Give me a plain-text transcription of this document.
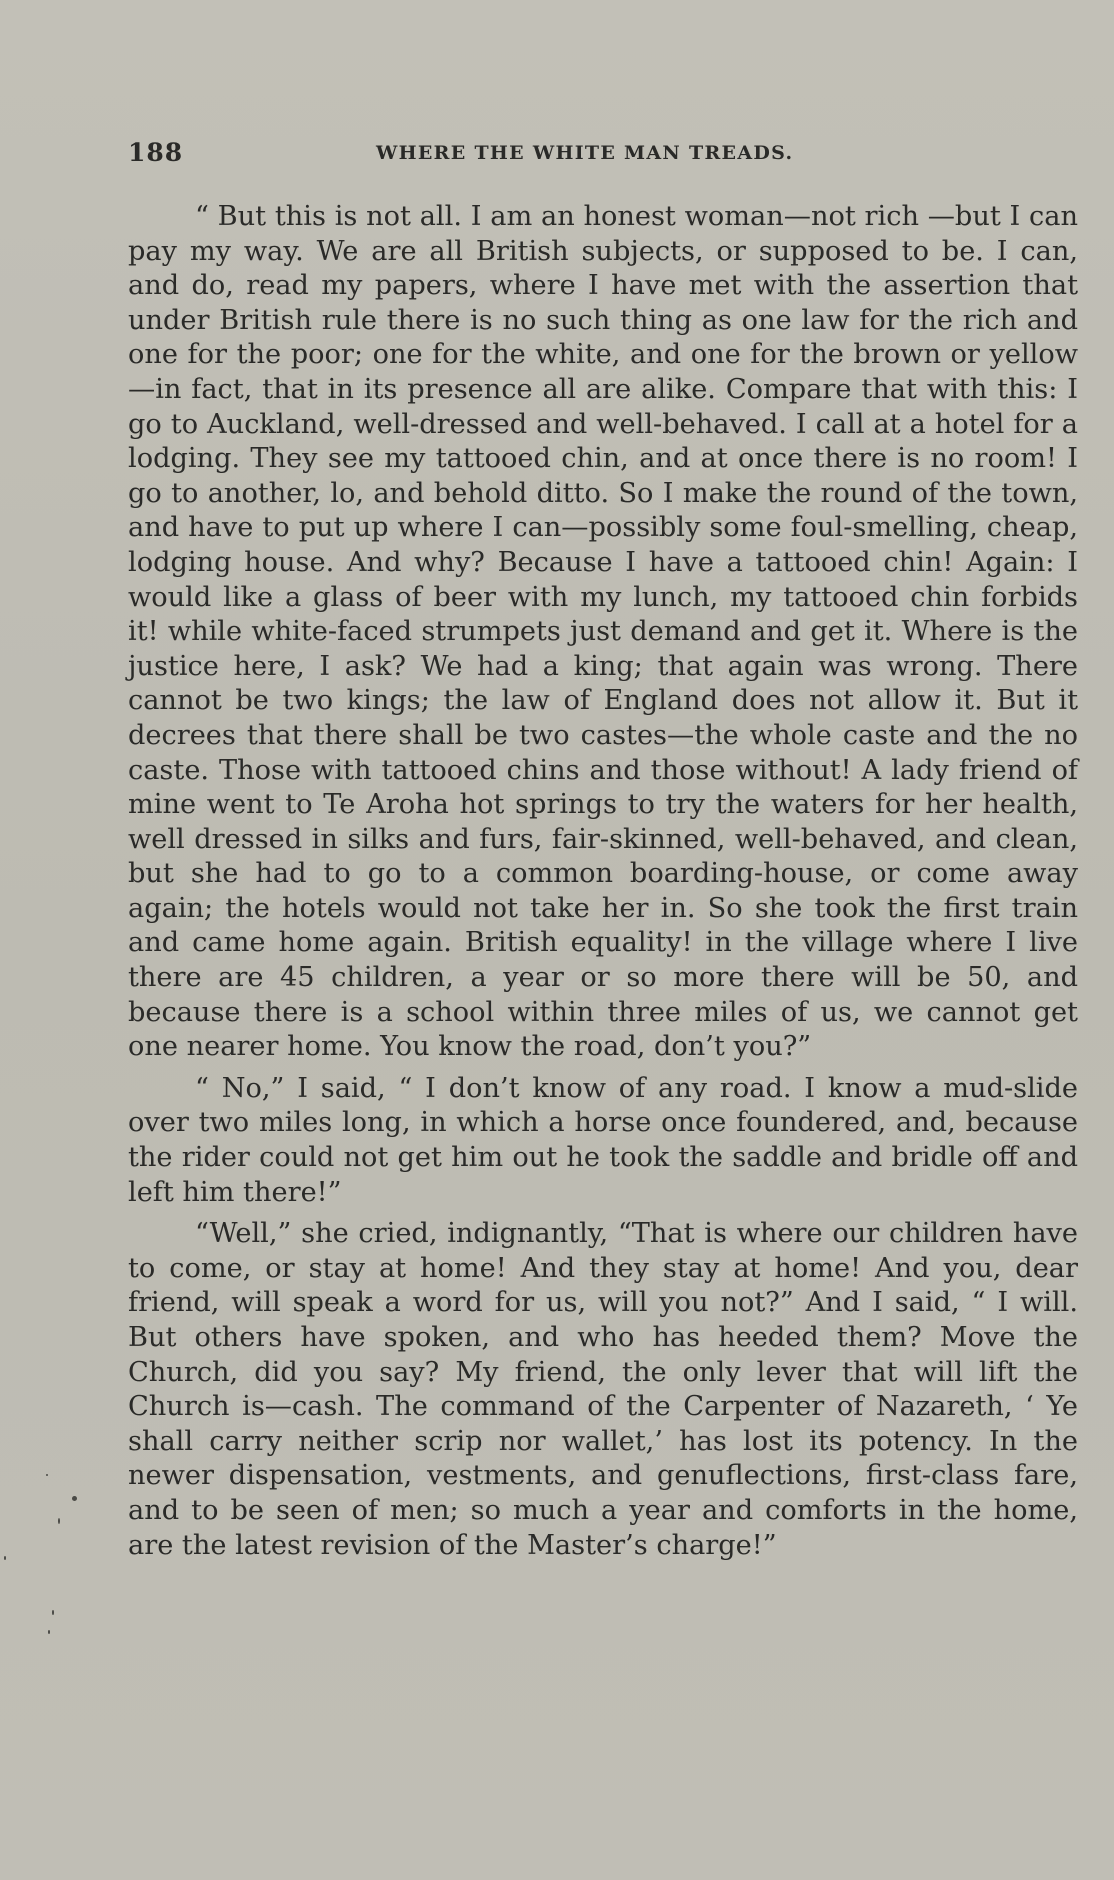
188	WHERE THE WHITE MAN TREADS.

“ But this is not all. I am an honest woman—not rich —but I can pay my way. We are all British subjects, or supposed to be. I can, and do, read my papers, where I have met with the assertion that under British rule there is no such thing as one law for the rich and one for the poor; one for the white, and one for the brown or yellow—in fact, that in its presence all are alike. Compare that with this: I go to Auckland, well-dressed and well-behaved. I call at a hotel for a lodging. They see my tattooed chin, and at once there is no room! I go to another, lo, and behold ditto. So I make the round of the town, and have to put up where I can—possibly some foul-smelling, cheap, lodging house. And why? Because I have a tattooed chin! Again: I would like a glass of beer with my lunch, my tattooed chin forbids it! while white-faced strumpets just demand and get it. Where is the justice here, I ask? We had a king; that again was wrong. There cannot be two kings; the law of England does not allow it. But it decrees that there shall be two castes—the whole caste and the no caste. Those with tattooed chins and those without! A lady friend of mine went to Te Aroha hot springs to try the waters for her health, well dressed in silks and furs, fair-skinned, well-behaved, and clean, but she had to go to a common boarding-house, or come away again; the hotels would not take her in. So she took the first train and came home again. British equality! in the village where I live there are 45 children, a year or so more there will be 50, and because there is a school within three miles of us, we cannot get one nearer home. You know the road, don’t you?”

“ No,” I said, “ I don’t know of any road. I know a mud-slide over two miles long, in which a horse once foundered, and, because the rider could not get him out he took the saddle and bridle off and left him there!”

“Well,” she cried, indignantly, “That is where our children have to come, or stay at home! And they stay at home! And you, dear friend, will speak a word for us, will you not?” And I said, “ I will. But others have spoken, and who has heeded them? Move the Church, did you say? My friend, the only lever that will lift the Church is—cash. The command of the Carpenter of Nazareth, ‘ Ye shall carry neither scrip nor wallet,’ has lost its potency. In the newer dispensation, vestments, and genuflections, first-class fare, and to be seen of men; so much a year and comforts in the home, are the latest revision of the Master’s charge!”
